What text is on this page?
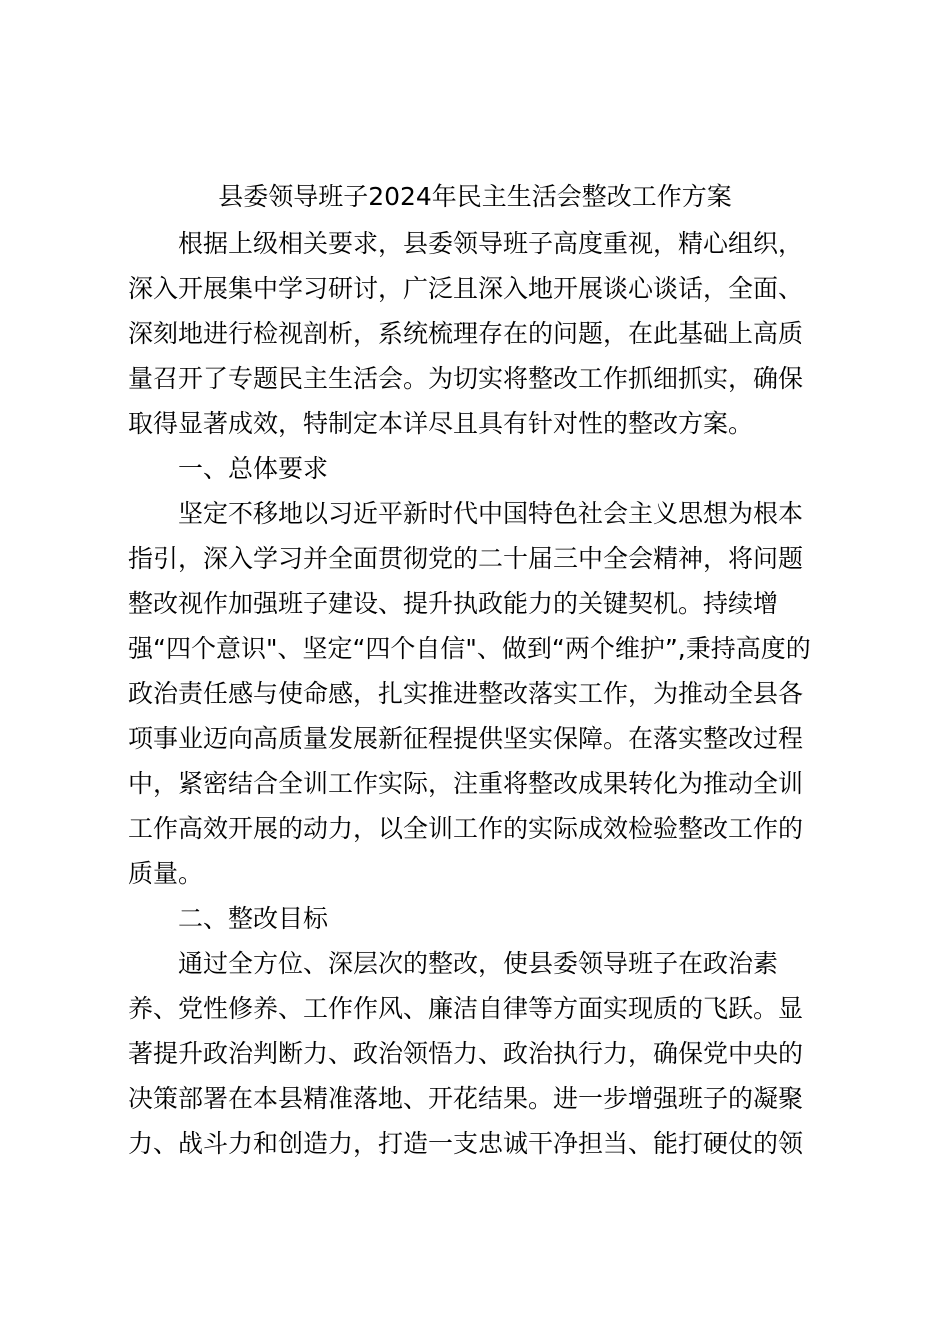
县委领导班子2024年民主生活会整改工作方案

根据上级相关要求，县委领导班子高度重视，精心组织，

深入开展集中学习研讨，广泛且深入地开展谈心谈话，全面、

深刻地进行检视剖析，系统梳理存在的问题，在此基础上高质

量召开了专题民主生活会。为切实将整改工作抓细抓实，确保

取得显著成效，特制定本详尽且具有针对性的整改方案。

一、总体要求

坚定不移地以习近平新时代中国特色社会主义思想为根本

指引，深入学习并全面贯彻党的二十届三中全会精神，将问题

整改视作加强班子建设、提升执政能力的关键契机。持续增

强“四个意识"、坚定“四个自信"、做到“两个维护”,秉持高度的

政治责任感与使命感，扎实推进整改落实工作，为推动全县各

项事业迈向高质量发展新征程提供坚实保障。在落实整改过程

中，紧密结合全训工作实际，注重将整改成果转化为推动全训

工作高效开展的动力，以全训工作的实际成效检验整改工作的

质量。

二、整改目标

通过全方位、深层次的整改，使县委领导班子在政治素

养、党性修养、工作作风、廉洁自律等方面实现质的飞跃。显

著提升政治判断力、政治领悟力、政治执行力，确保党中央的

决策部署在本县精准落地、开花结果。进一步增强班子的凝聚

力、战斗力和创造力，打造一支忠诚干净担当、能打硬仗的领
